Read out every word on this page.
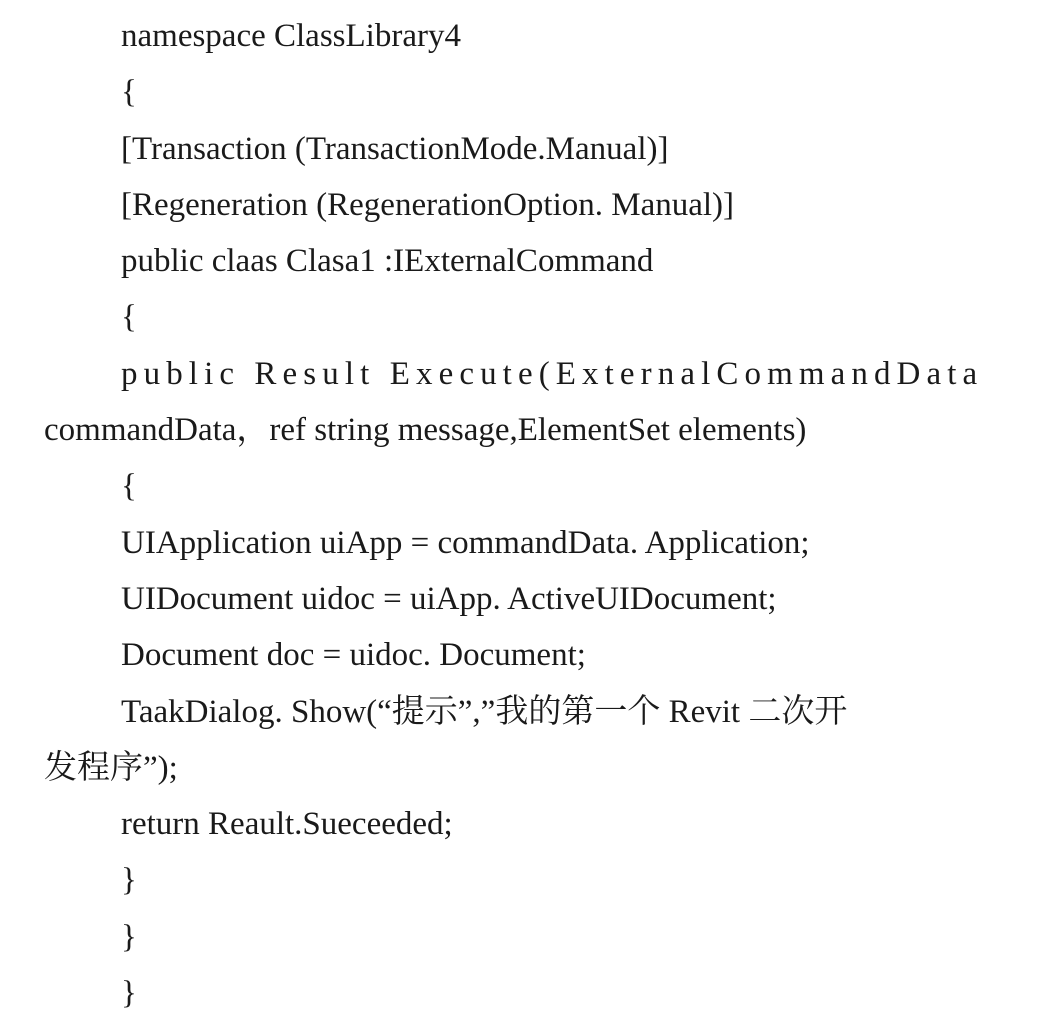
namespace ClassLibrary4
{
[Transaction (TransactionMode.Manual)]
[Regeneration (RegenerationOption. Manual)]
public claas Clasa1 :IExternalCommand
{
public Result Execute(ExternalCommandData
commandData，ref string message,ElementSet elements)
{
UIApplication uiApp = commandData. Application;
UIDocument uidoc = uiApp. ActiveUIDocument;
Document doc = uidoc. Document;
TaakDialog. Show(“提示”,”我的第一个 Revit 二次开
发程序”);
return Reault.Sueceeded;
}
}
}
